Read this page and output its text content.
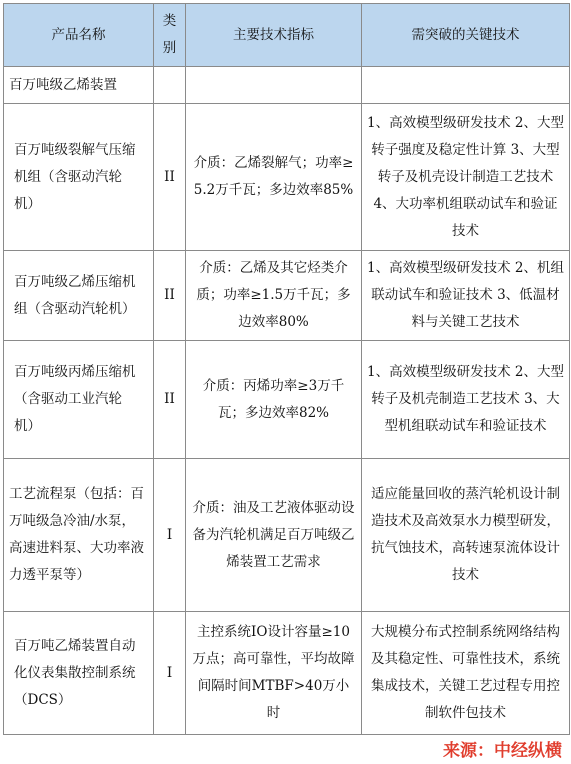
产品名称	类别	主要技术指标	需突破的关键技术
百万吨级乙烯装置			
百万吨级裂解气压缩机组（含驱动汽轮机）	II	介质：乙烯裂解气；功率≥5.2万千瓦；多边效率85%	1、高效模型级研发技术 2、大型转子强度及稳定性计算 3、大型转子及机壳设计制造工艺技术 4、大功率机组联动试车和验证技术
百万吨级乙烯压缩机组（含驱动汽轮机）	II	介质：乙烯及其它烃类介质；功率≥1.5万千瓦；多边效率80%	1、高效模型级研发技术 2、机组联动试车和验证技术 3、低温材料与关键工艺技术
百万吨级丙烯压缩机（含驱动工业汽轮机）	II	介质：丙烯功率≥3万千瓦；多边效率82%	1、高效模型级研发技术 2、大型转子及机壳制造工艺技术 3、大型机组联动试车和验证技术
工艺流程泵（包括：百万吨级急冷油/水泵，高速进料泵、大功率液力透平泵等）	I	介质：油及工艺液体驱动设备为汽轮机满足百万吨级乙烯装置工艺需求	适应能量回收的蒸汽轮机设计制造技术及高效泵水力模型研发，抗气蚀技术，高转速泵流体设计技术
百万吨乙烯装置自动化仪表集散控制系统（DCS）	I	主控系统IO设计容量≥10万点；高可靠性，平均故障间隔时间MTBF>40万小时	大规模分布式控制系统网络结构及其稳定性、可靠性技术，系统集成技术，关键工艺过程专用控制软件包技术
来源：中经纵横
